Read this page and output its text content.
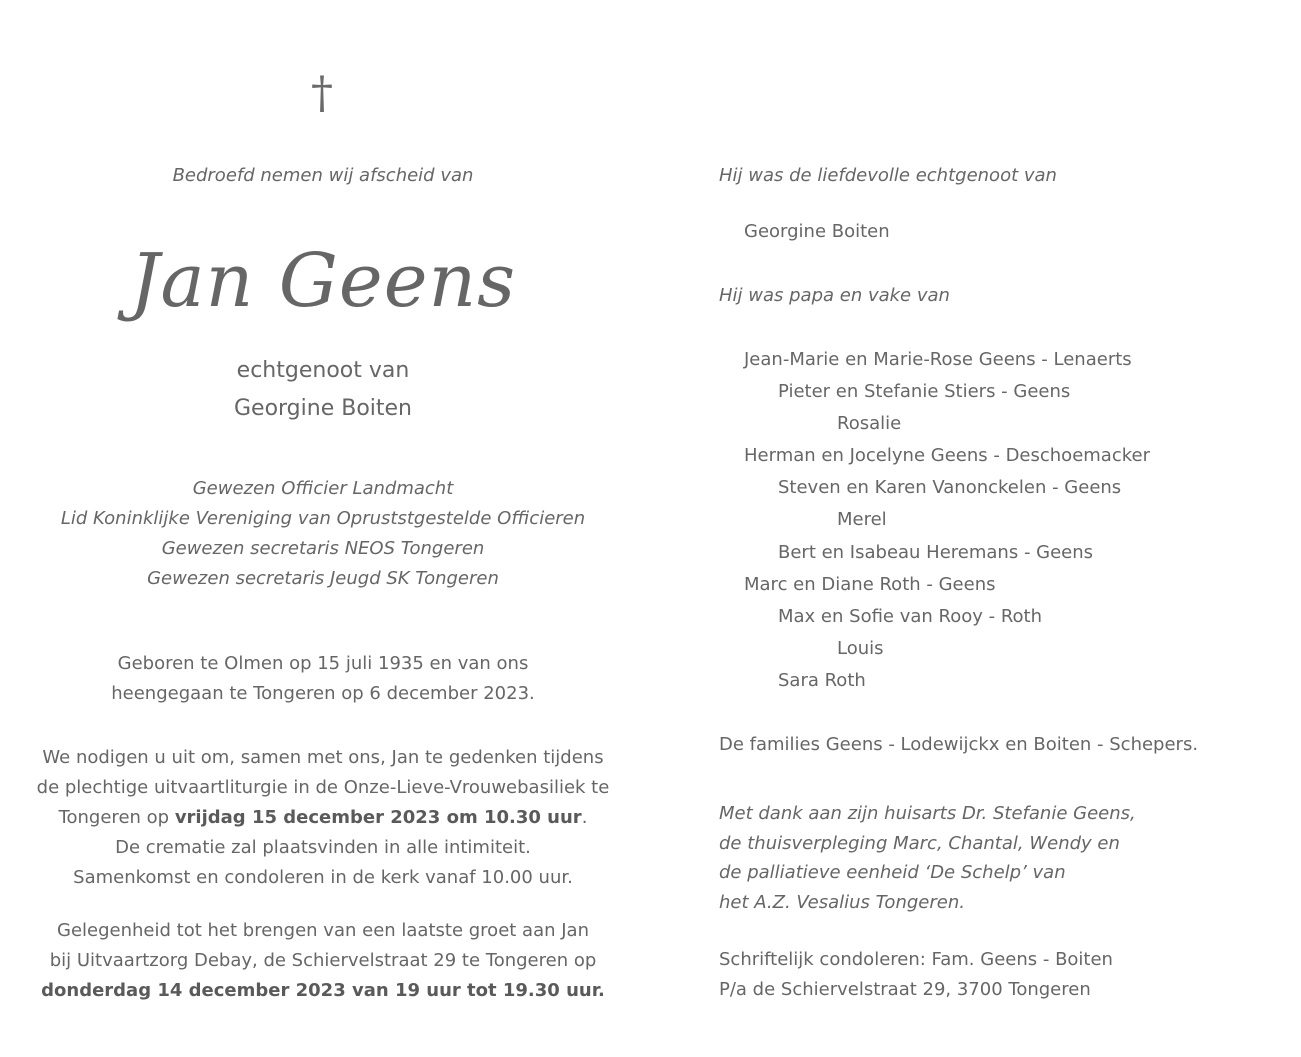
†
Bedroefd nemen wij afscheid van
Jan Geens
echtgenoot van
Georgine Boiten
Gewezen Officier Landmacht
Lid Koninklijke Vereniging van Opruststgestelde Officieren
Gewezen secretaris NEOS Tongeren
Gewezen secretaris Jeugd SK Tongeren
Geboren te Olmen op 15 juli 1935 en van ons
heengegaan te Tongeren op 6 december 2023.
We nodigen u uit om, samen met ons, Jan te gedenken tijdens
de plechtige uitvaartliturgie in de Onze-Lieve-Vrouwebasiliek te
Tongeren op vrijdag 15 december 2023 om 10.30 uur.
De crematie zal plaatsvinden in alle intimiteit.
Samenkomst en condoleren in de kerk vanaf 10.00 uur.
Gelegenheid tot het brengen van een laatste groet aan Jan
bij Uitvaartzorg Debay, de Schiervelstraat 29 te Tongeren op
donderdag 14 december 2023 van 19 uur tot 19.30 uur.
Hij was de liefdevolle echtgenoot van
Georgine Boiten
Hij was papa en vake van
Jean-Marie en Marie-Rose Geens - Lenaerts
Pieter en Stefanie Stiers - Geens
Rosalie
Herman en Jocelyne Geens - Deschoemacker
Steven en Karen Vanonckelen - Geens
Merel
Bert en Isabeau Heremans - Geens
Marc en Diane Roth - Geens
Max en Sofie van Rooy - Roth
Louis
Sara Roth
De families Geens - Lodewijckx en Boiten - Schepers.
Met dank aan zijn huisarts Dr. Stefanie Geens,
de thuisverpleging Marc, Chantal, Wendy en
de palliatieve eenheid ‘De Schelp’ van
het A.Z. Vesalius Tongeren.
Schriftelijk condoleren: Fam. Geens - Boiten
P/a de Schiervelstraat 29, 3700 Tongeren
